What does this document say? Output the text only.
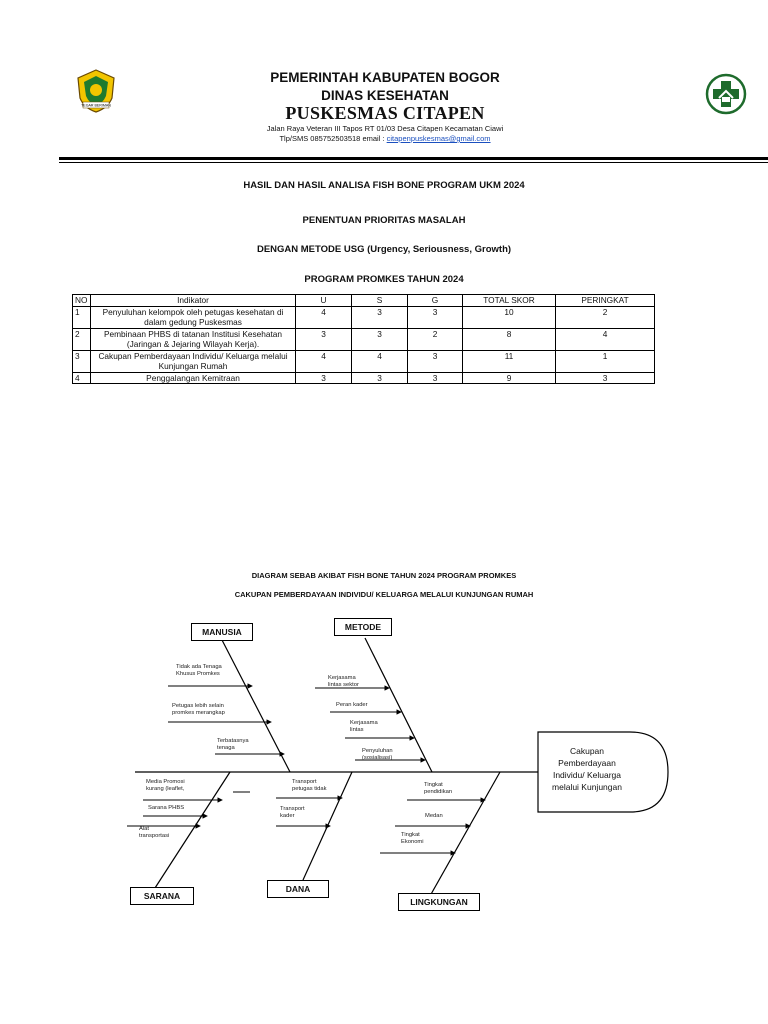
TEGAR BERIMAN
PEMERINTAH KABUPATEN BOGOR
DINAS KESEHATAN
PUSKESMAS CITAPEN
Jalan Raya Veteran III Tapos RT 01/03 Desa Citapen Kecamatan Ciawi
Tlp/SMS 085752503518 email : citapenpuskesmas@gmail.com
HASIL DAN HASIL ANALISA FISH BONE PROGRAM UKM 2024
PENENTUAN PRIORITAS MASALAH
DENGAN METODE USG (Urgency, Seriousness, Growth)
PROGRAM PROMKES TAHUN 2024
NO	Indikator	U	S	G	TOTAL SKOR	PERINGKAT
1	Penyuluhan kelompok oleh petugas kesehatan di
dalam gedung Puskesmas	4	3	3	10	2
2	Pembinaan PHBS di tatanan Institusi Kesehatan
(Jaringan & Jejaring Wilayah Kerja).	3	3	2	8	4
3	Cakupan Pemberdayaan Individu/ Keluarga melalui
Kunjungan Rumah	4	4	3	11	1
4	Penggalangan Kemitraan	3	3	3	9	3
DIAGRAM SEBAB AKIBAT FISH BONE TAHUN 2024 PROGRAM PROMKES
CAKUPAN PEMBERDAYAAN INDIVIDU/ KELUARGA MELALUI KUNJUNGAN RUMAH
MANUSIA	METODE
SARANA
DANA
LINGKUNGAN
Tidak ada Tenaga
Khusus Promkes
Petugas lebih selain
promkes merangkap
Terbatasnya
tenaga
Kerjasama
lintas sektor
Peran kader
Kerjasama
lintas
Penyuluhan
(sosialisasi)
Media Promosi
kurang (leaflet,
Sarana PHBS
Alat
transportasi
Transport
petugas tidak
Transport
kader
Tingkat
pendidikan
Medan
Tingkat
Ekonomi
Cakupan
Pemberdayaan
Individu/ Keluarga
melalui Kunjungan
